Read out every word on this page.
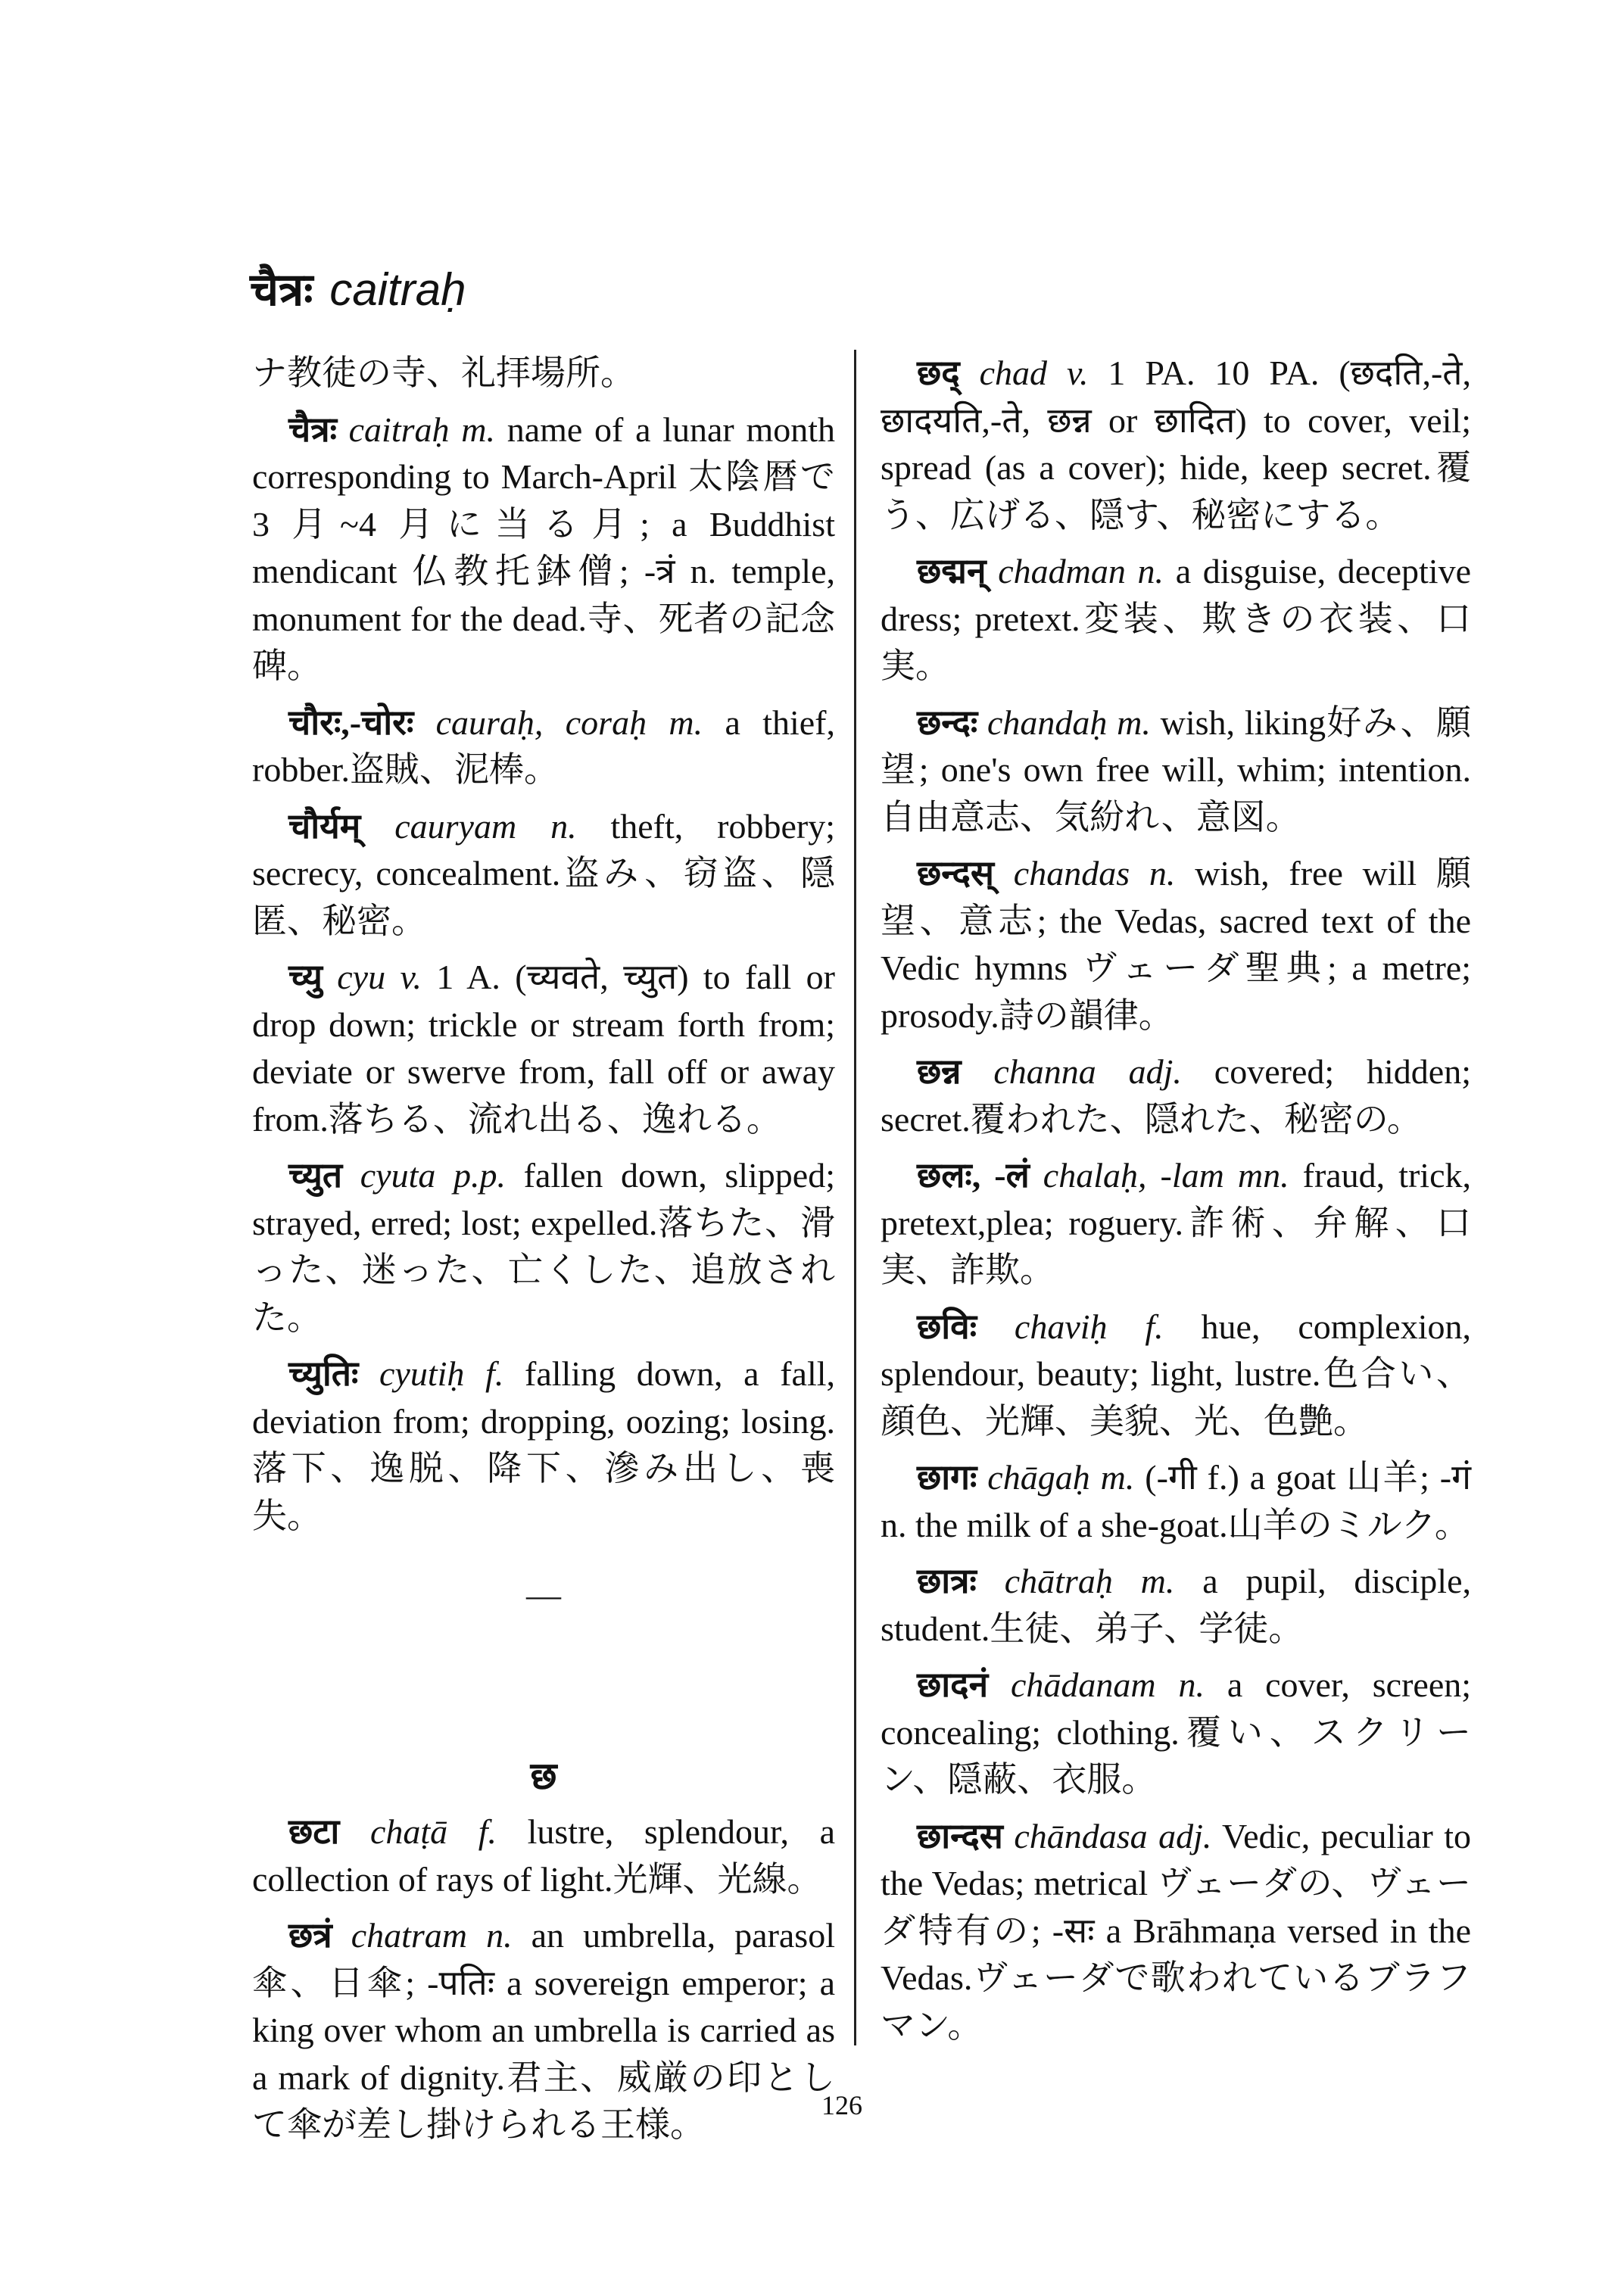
चैत्रः caitraḥ

ナ教徒の寺、礼拝場所。

चैत्रः caitraḥ m. name of a lunar month corresponding to March-April 太陰暦で 3 月~4 月に当る月; a Buddhist mendicant 仏教托鉢僧; -त्रं n. temple, monument for the dead.寺、死者の記念碑。

चौरः,-चोरः cauraḥ, coraḥ m. a thief, robber.盗賊、泥棒。

चौर्यम् cauryam n. theft, robbery; secrecy, concealment.盗み、窃盗、隠匿、秘密。

च्यु cyu v. 1 A. (च्यवते, च्युत) to fall or drop down; trickle or stream forth from; deviate or swerve from, fall off or away from.落ちる、流れ出る、逸れる。

च्युत cyuta p.p. fallen down, slipped; strayed, erred; lost; expelled.落ちた、滑った、迷った、亡くした、追放された。

च्युतिः cyutiḥ f. falling down, a fall, deviation from; dropping, oozing; losing.落下、逸脱、降下、滲み出し、喪失。

—
छ

छटा chaṭā f. lustre, splendour, a collection of rays of light.光輝、光線。

छत्रं chatram n. an umbrella, parasol 傘、日傘; -पतिः a sovereign emperor; a king over whom an umbrella is carried as a mark of dignity.君主、威厳の印として傘が差し掛けられる王様。

छद् chad v. 1 PA. 10 PA. (छदति,-ते, छादयति,-ते, छन्न or छादित) to cover, veil; spread (as a cover); hide, keep secret.覆う、広げる、隠す、秘密にする。

छद्मन् chadman n. a disguise, deceptive dress; pretext.変装、欺きの衣装、口実。

छन्दः chandaḥ m. wish, liking好み、願望; one's own free will, whim; intention.自由意志、気紛れ、意図。

छन्दस् chandas n. wish, free will 願望、意志; the Vedas, sacred text of the Vedic hymns ヴェーダ聖典; a metre; prosody.詩の韻律。

छन्न channa adj. covered; hidden; secret.覆われた、隠れた、秘密の。

छलः, -लं chalaḥ, -lam mn. fraud, trick, pretext,plea; roguery.詐術、弁解、口実、詐欺。

छविः chaviḥ f. hue, complexion, splendour, beauty; light, lustre.色合い、顔色、光輝、美貌、光、色艶。

छागः chāgaḥ m. (-गी f.) a goat 山羊; -गं n. the milk of a she-goat.山羊のミルク。

छात्रः chātraḥ m. a pupil, disciple, student.生徒、弟子、学徒。

छादनं chādanam n. a cover, screen; concealing; clothing.覆い、スクリーン、隠蔽、衣服。

छान्दस chāndasa adj. Vedic, peculiar to the Vedas; metrical ヴェーダの、ヴェーダ特有の; -सः a Brāhmaṇa versed in the Vedas.ヴェーダで歌われているブラフマン。

126
